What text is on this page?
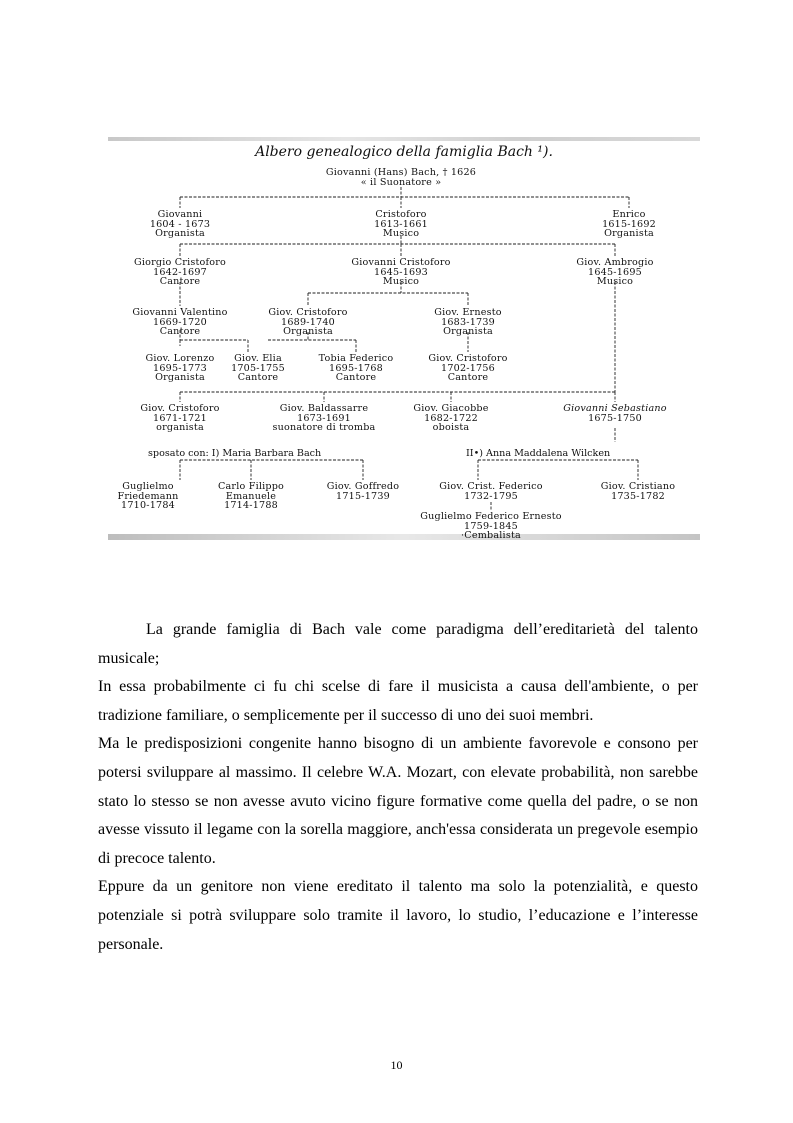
Albero genealogico della famiglia Bach ¹).
Giovanni (Hans) Bach, † 1626
« il Suonatore »
Giovanni
1604 - 1673
Organista
Cristoforo
1613-1661
Musico
Enrico
1615-1692
Organista
Giorgio Cristoforo
1642-1697
Cantore
Giovanni Cristoforo
1645-1693
Musico
Giov. Ambrogio
1645-1695
Musico
Giovanni Valentino
1669-1720
Cantore
Giov. Cristoforo
1689-1740
Organista
Giov. Ernesto
1683-1739
Organista
Giov. Lorenzo
1695-1773
Organista
Giov. Elia
1705-1755
Cantore
Tobia Federico
1695-1768
Cantore
Giov. Cristoforo
1702-1756
Cantore
Giov. Cristoforo
1671-1721
organista
Giov. Baldassarre
1673-1691
suonatore di tromba
Giov. Giacobbe
1682-1722
oboista
Giovanni Sebastiano
1675-1750
sposato con: I) Maria Barbara Bach	II•) Anna Maddalena Wilcken
Guglielmo
Friedemann
1710-1784
Carlo Filippo
Emanuele
1714-1788
Giov. Goffredo
1715-1739
Giov. Crist. Federico
1732-1795
Giov. Cristiano
1735-1782
Guglielmo Federico Ernesto
1759-1845
·Cembalista

La grande famiglia di Bach vale come paradigma dell’ereditarietà del talento musicale;

In essa probabilmente ci fu chi scelse di fare il musicista a causa dell'ambiente, o per tradizione familiare, o semplicemente per il successo di uno dei suoi membri.

Ma le predisposizioni congenite hanno bisogno di un ambiente favorevole e consono per potersi sviluppare al massimo. Il celebre W.A. Mozart, con elevate probabilità, non sarebbe stato lo stesso se non avesse avuto vicino figure formative come quella del padre, o se non avesse vissuto il legame con la sorella maggiore, anch'essa considerata un pregevole esempio di precoce talento.

Eppure da un genitore non viene ereditato il talento ma solo la potenzialità, e questo potenziale si potrà sviluppare solo tramite il lavoro, lo studio, l’educazione e l’interesse personale.

10
